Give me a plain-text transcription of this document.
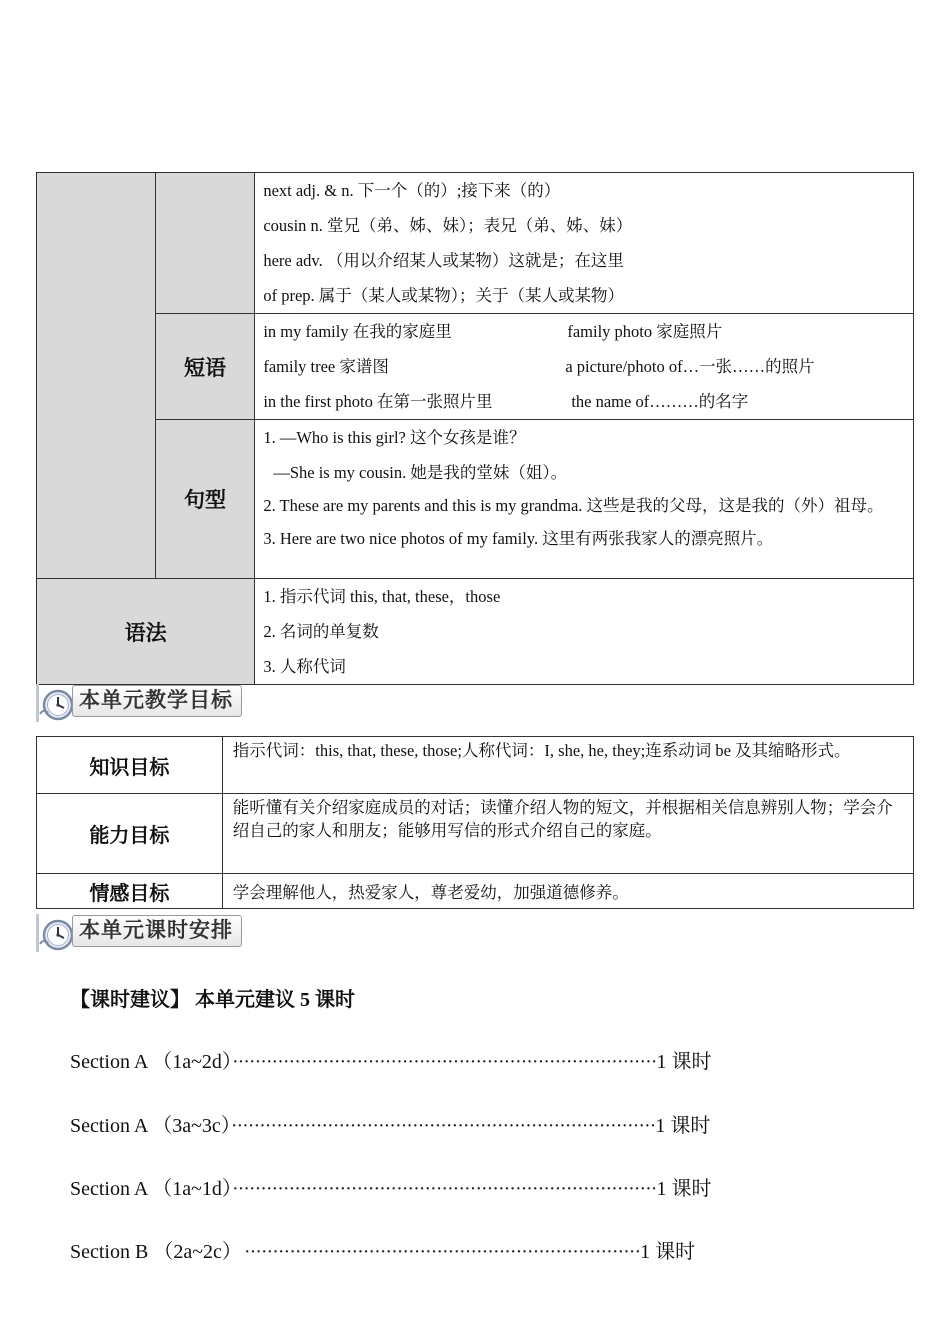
		next adj. & n. 下一个（的）;接下来（的）
cousin n. 堂兄（弟、姊、妹）；表兄（弟、姊、妹）
here adv. （用以介绍某人或某物）这就是；在这里
of prep. 属于（某人或某物）；关于（某人或某物）

	短语	in my family 在我的家庭里 family photo 家庭照片
family tree 家谱图 a picture/photo of…一张……的照片
in the first photo 在第一张照片里 the name of………的名字

	句型	1. —Who is this girl? 这个女孩是谁？
—She is my cousin. 她是我的堂妹（姐）。
2. These are my parents and this is my grandma. 这些是我的父母，这是我的（外）祖母。
3. Here are two nice photos of my family. 这里有两张我家人的漂亮照片。

语法		1. 指示代词 this, that, these，those
2. 名词的单复数
3. 人称代词
本单元教学目标
知识目标	指示代词：this, that, these, those;人称代词：I, she, he, they;连系动词 be 及其缩略形式。
能力目标	能听懂有关介绍家庭成员的对话；读懂介绍人物的短文，并根据相关信息辨别人物；学会介绍自己的家人和朋友；能够用写信的形式介绍自己的家庭。
情感目标	学会理解他人，热爱家人，尊老爱幼，加强道德修养。
本单元课时安排
【课时建议】 本单元建议 5 课时
Section A （1a~2d）···········································································1 课时
Section A （3a~3c）···········································································1 课时
Section A （1a~1d）···········································································1 课时
Section B （2a~2c） ······································································1 课时
